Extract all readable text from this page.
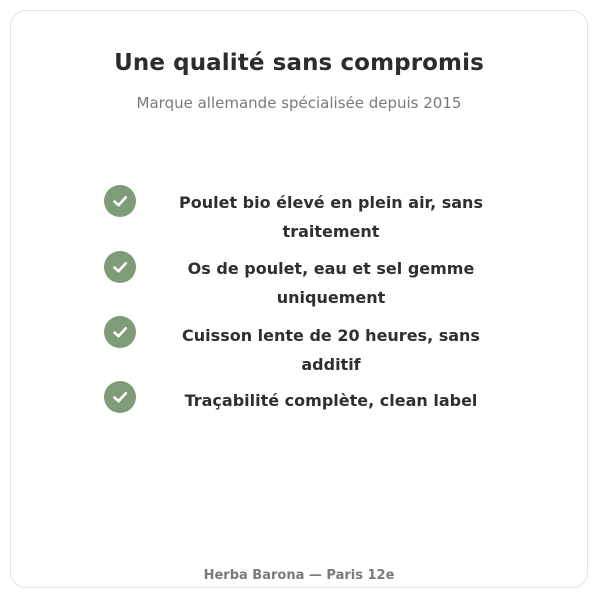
Une qualité sans compromis
Marque allemande spécialisée depuis 2015
Poulet bio élevé en plein air, sans traitement
Os de poulet, eau et sel gemme uniquement
Cuisson lente de 20 heures, sans additif
Traçabilité complète, clean label
Herba Barona — Paris 12e
